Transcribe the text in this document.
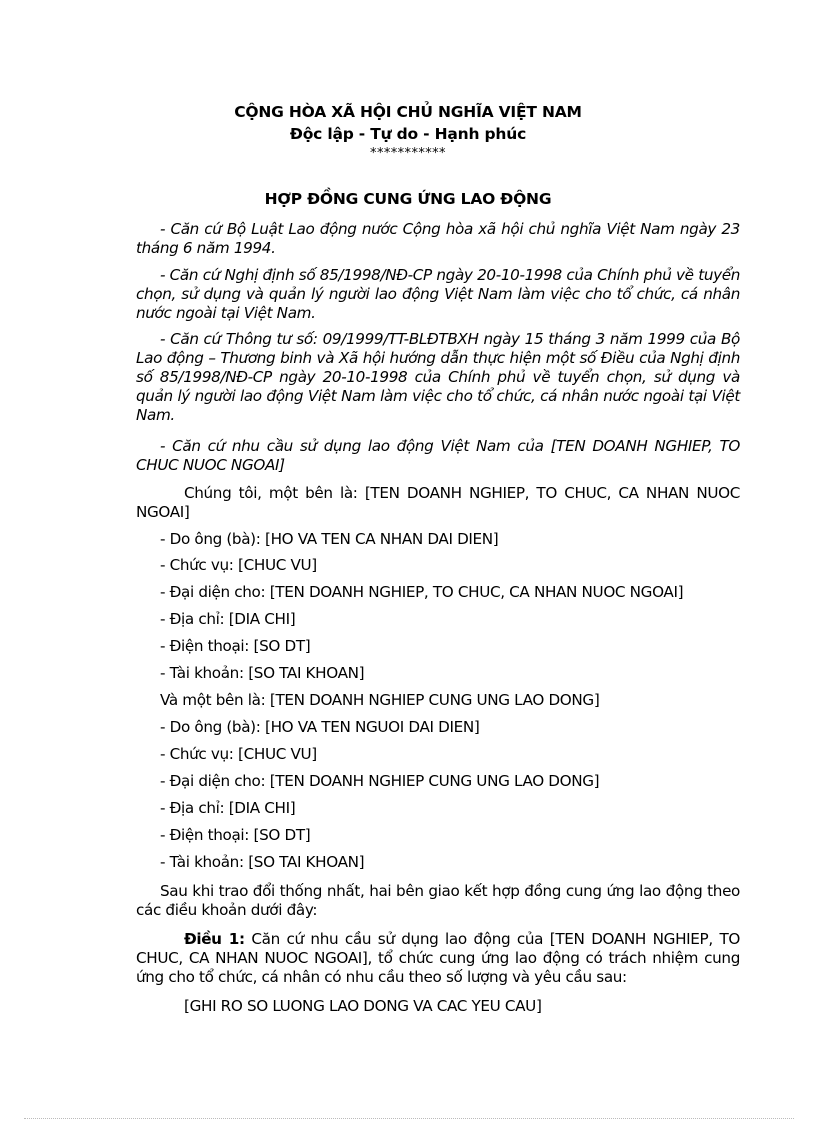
CỘNG HÒA XÃ HỘI CHỦ NGHĨA VIỆT NAM
Độc lập - Tự do - Hạnh phúc
***********
HỢP ĐỒNG CUNG ỨNG LAO ĐỘNG
- Căn cứ Bộ Luật Lao động nước Cộng hòa xã hội chủ nghĩa Việt Nam ngày 23 tháng 6 năm 1994.
- Căn cứ Nghị định số 85/1998/NĐ-CP ngày 20-10-1998 của Chính phủ về tuyển chọn, sử dụng và quản lý người lao động Việt Nam làm việc cho tổ chức, cá nhân nước ngoài tại Việt Nam.
- Căn cứ Thông tư số: 09/1999/TT-BLĐTBXH ngày 15 tháng 3 năm 1999 của Bộ Lao động – Thương binh và Xã hội hướng dẫn thực hiện một số Điều của Nghị định số 85/1998/NĐ-CP ngày 20-10-1998 của Chính phủ về tuyển chọn, sử dụng và quản lý người lao động Việt Nam làm việc cho tổ chức, cá nhân nước ngoài tại Việt Nam.
- Căn cứ nhu cầu sử dụng lao động Việt Nam của [TEN DOANH NGHIEP, TO CHUC NUOC NGOAI]
Chúng tôi, một bên là: [TEN DOANH NGHIEP, TO CHUC, CA NHAN NUOC NGOAI]
- Do ông (bà): [HO VA TEN CA NHAN DAI DIEN]
- Chức vụ: [CHUC VU]
- Đại diện cho: [TEN DOANH NGHIEP, TO CHUC, CA NHAN NUOC NGOAI]
- Địa chỉ: [DIA CHI]
- Điện thoại: [SO DT]
- Tài khoản: [SO TAI KHOAN]
Và một bên là: [TEN DOANH NGHIEP CUNG UNG LAO DONG]
- Do ông (bà): [HO VA TEN NGUOI DAI DIEN]
- Chức vụ: [CHUC VU]
- Đại diện cho: [TEN DOANH NGHIEP CUNG UNG LAO DONG]
- Địa chỉ: [DIA CHI]
- Điện thoại: [SO DT]
- Tài khoản: [SO TAI KHOAN]
Sau khi trao đổi thống nhất, hai bên giao kết hợp đồng cung ứng lao động theo các điều khoản dưới đây:
Điều 1: Căn cứ nhu cầu sử dụng lao động của [TEN DOANH NGHIEP, TO CHUC, CA NHAN NUOC NGOAI], tổ chức cung ứng lao động có trách nhiệm cung ứng cho tổ chức, cá nhân có nhu cầu theo số lượng và yêu cầu sau:
[GHI RO SO LUONG LAO DONG VA CAC YEU CAU]
